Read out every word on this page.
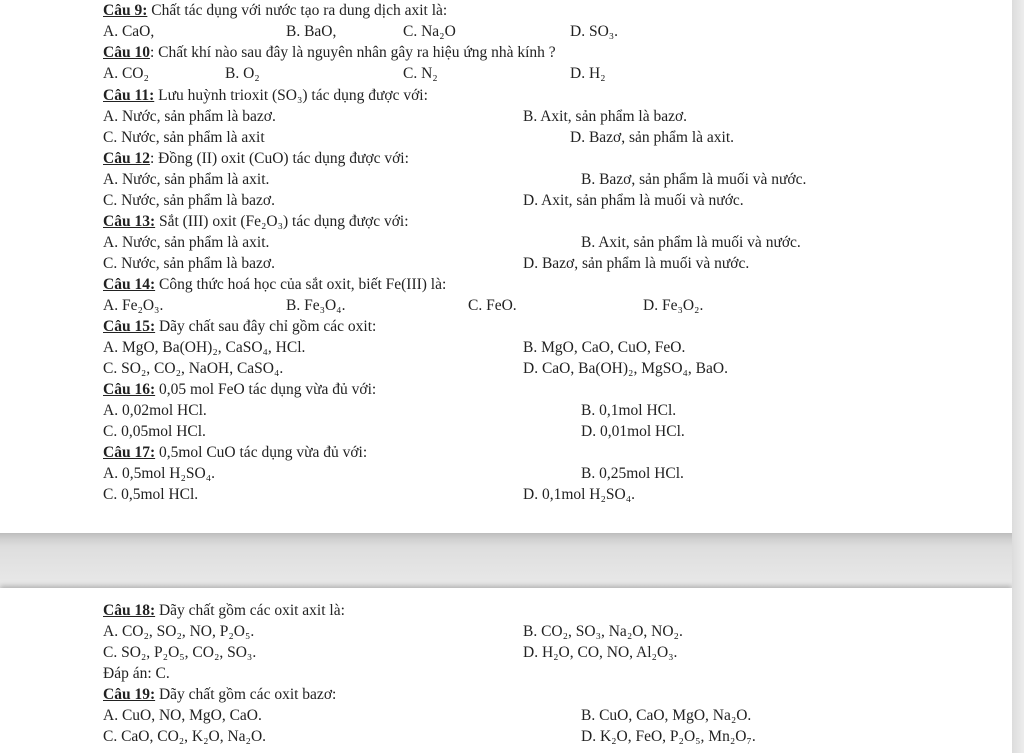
Câu 9: Chất tác dụng với nước tạo ra dung dịch axit là:
A. CaO,	B. BaO,	C. Na₂O	D. SO₃.
Câu 10: Chất khí nào sau đây là nguyên nhân gây ra hiệu ứng nhà kính ?
A. CO₂	B. O₂	C. N₂	D. H₂
Câu 11: Lưu huỳnh trioxit (SO₃) tác dụng được với:
A. Nước, sản phẩm là bazơ.	B. Axit, sản phẩm là bazơ.
C. Nước, sản phẩm là axit	D. Bazơ, sản phẩm là axit.
Câu 12: Đồng (II) oxit (CuO) tác dụng được với:
A. Nước, sản phẩm là axit.	B. Bazơ, sản phẩm là muối và nước.
C. Nước, sản phẩm là bazơ.	D. Axit, sản phẩm là muối và nước.
Câu 13: Sắt (III) oxit (Fe₂O₃) tác dụng được với:
A. Nước, sản phẩm là axit.	B. Axit, sản phẩm là muối và nước.
C. Nước, sản phẩm là bazơ.	D. Bazơ, sản phẩm là muối và nước.
Câu 14: Công thức hoá học của sắt oxit, biết Fe(III) là:
A. Fe₂O₃.	B. Fe₃O₄.	C. FeO.	D. Fe₃O₂.
Câu 15: Dãy chất sau đây chỉ gồm các oxit:
A. MgO, Ba(OH)₂, CaSO₄, HCl.	B. MgO, CaO, CuO, FeO.
C. SO₂, CO₂, NaOH, CaSO₄.	D. CaO, Ba(OH)₂, MgSO₄, BaO.
Câu 16: 0,05 mol FeO tác dụng vừa đủ với:
A. 0,02mol HCl.	B. 0,1mol HCl.
C. 0,05mol HCl.	D. 0,01mol HCl.
Câu 17: 0,5mol CuO tác dụng vừa đủ với:
A. 0,5mol H₂SO₄.	B. 0,25mol HCl.
C. 0,5mol HCl.	D. 0,1mol H₂SO₄.
Câu 18: Dãy chất gồm các oxit axit là:
A. CO₂, SO₂, NO, P₂O₅.	B. CO₂, SO₃, Na₂O, NO₂.
C. SO₂, P₂O₅, CO₂, SO₃.	D. H₂O, CO, NO, Al₂O₃.
Đáp án: C.
Câu 19: Dãy chất gồm các oxit bazơ:
A. CuO, NO, MgO, CaO.	B. CuO, CaO, MgO, Na₂O.
C. CaO, CO₂, K₂O, Na₂O.	D. K₂O, FeO, P₂O₅, Mn₂O₇.
